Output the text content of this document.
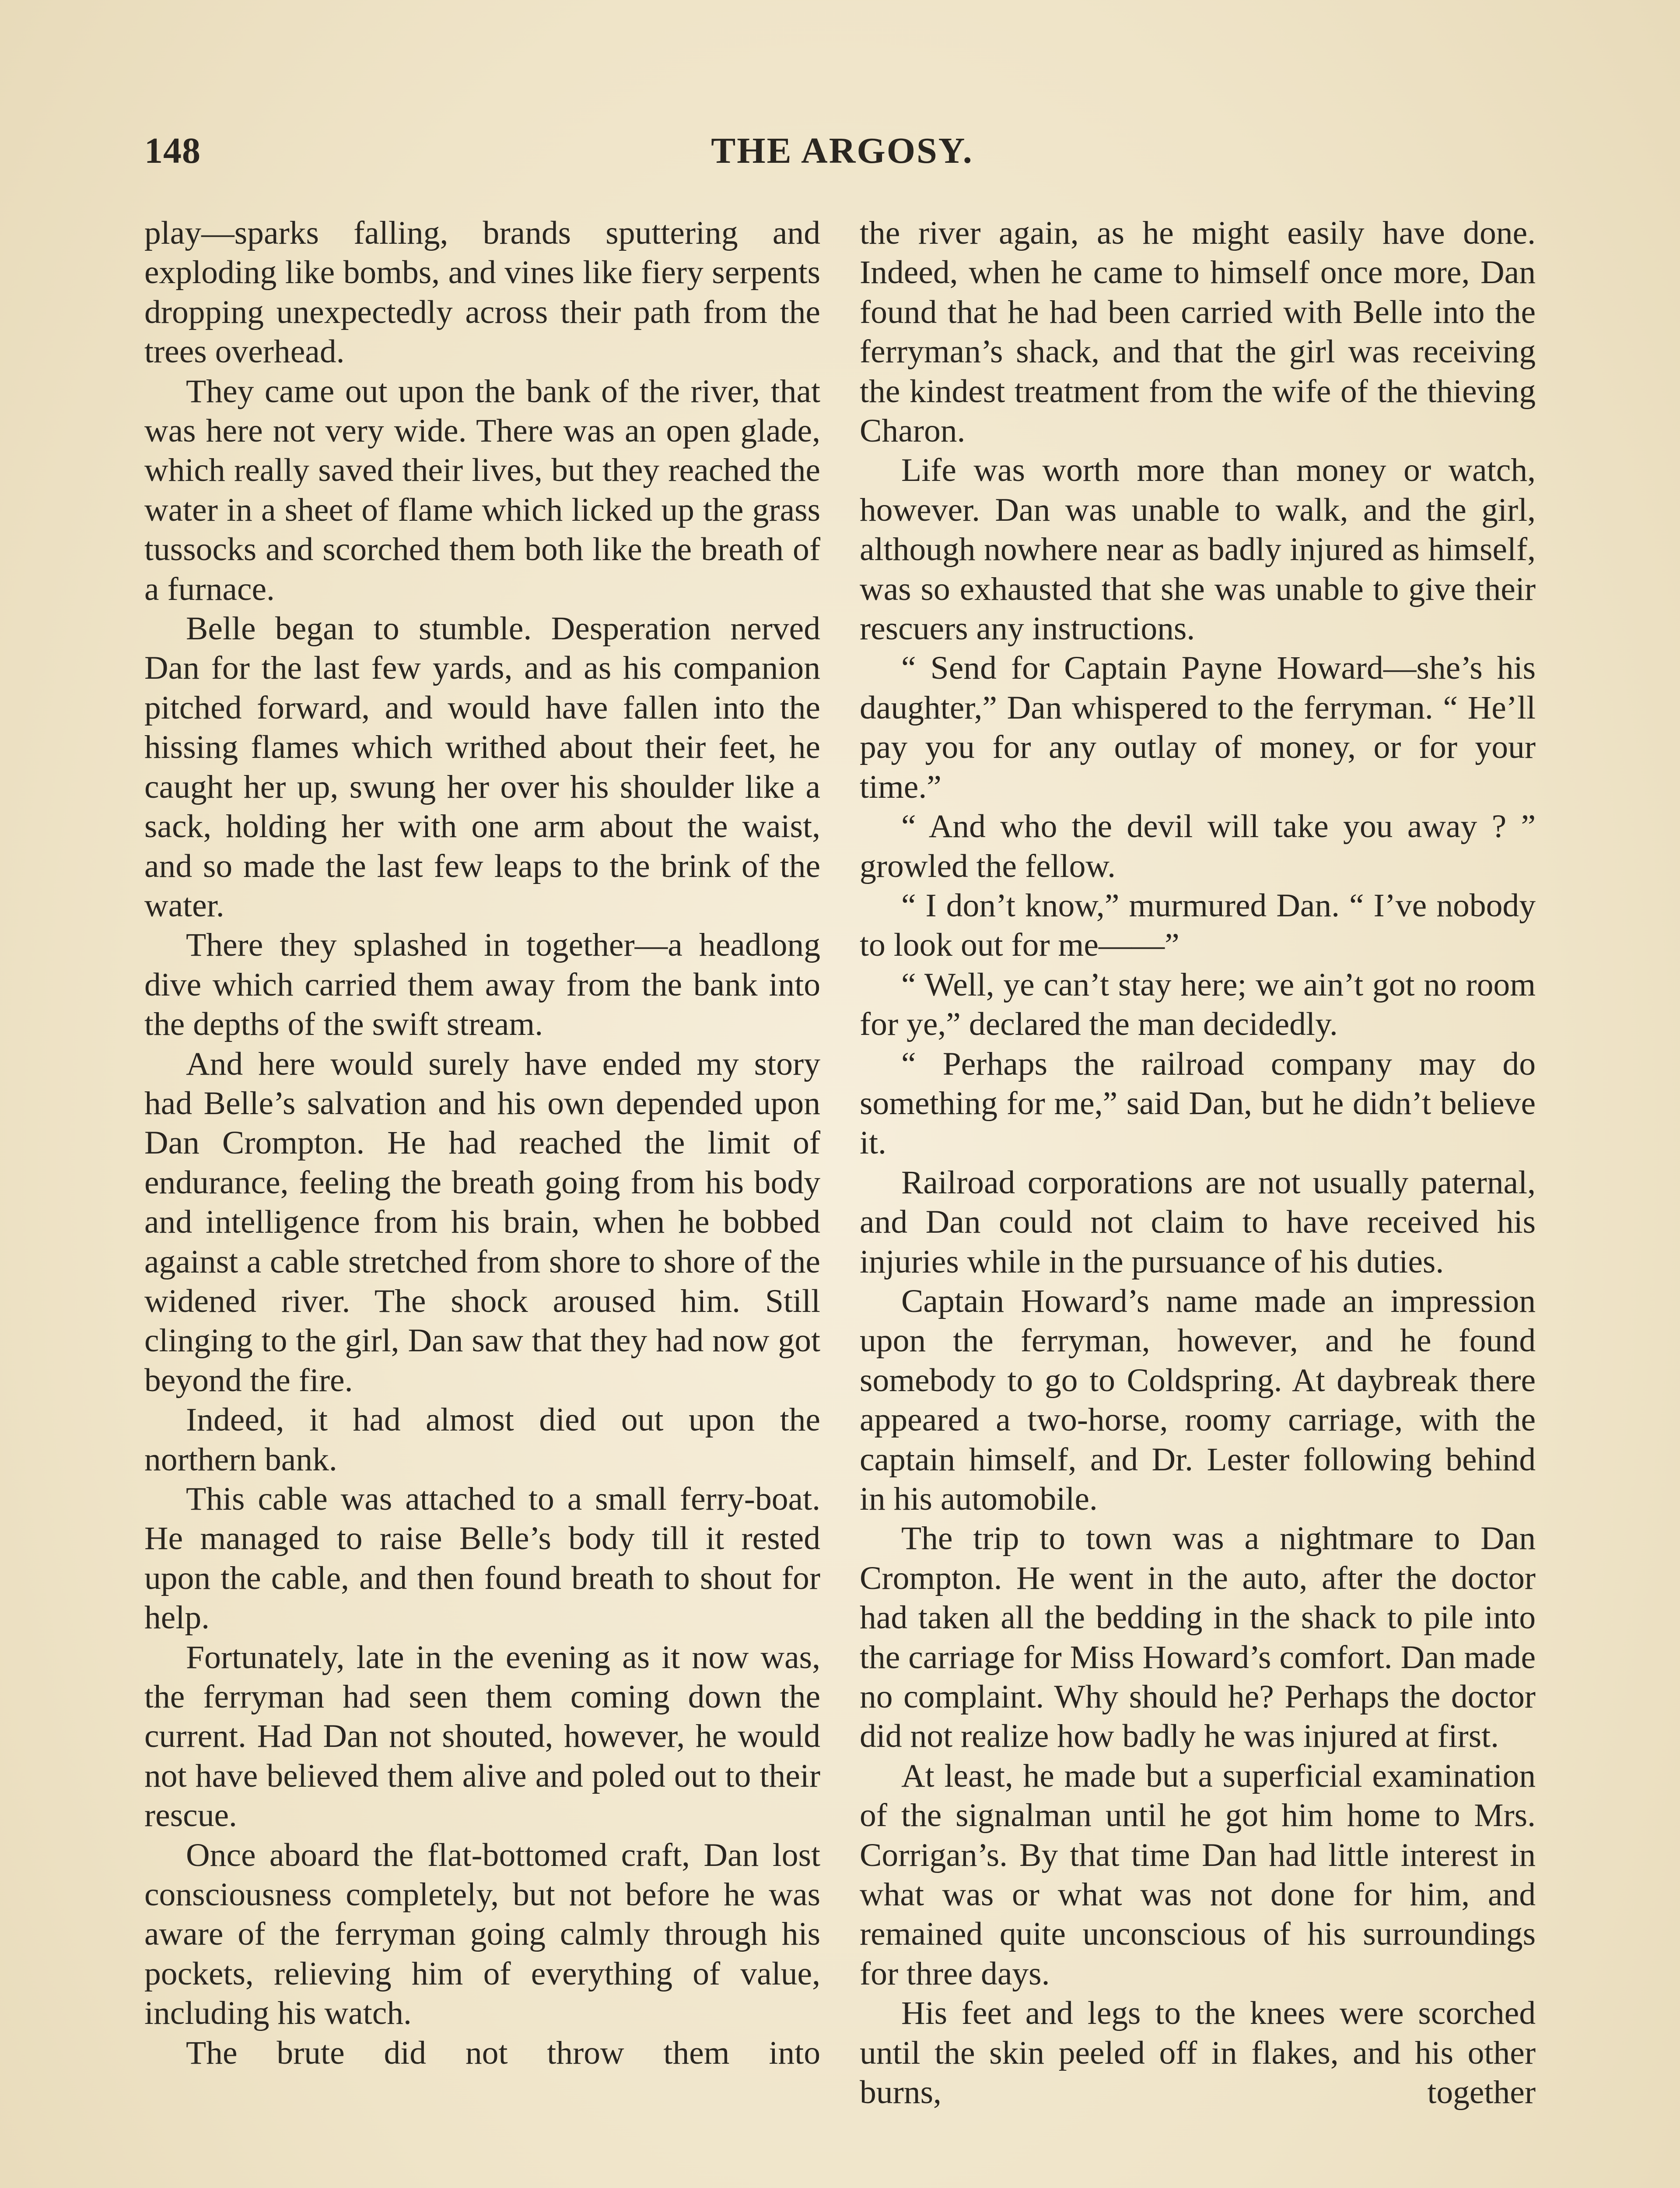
148	THE ARGOSY.

play—sparks falling, brands sputtering and exploding like bombs, and vines like fiery serpents dropping unexpectedly across their path from the trees overhead.

They came out upon the bank of the river, that was here not very wide. There was an open glade, which really saved their lives, but they reached the water in a sheet of flame which licked up the grass tussocks and scorched them both like the breath of a furnace.

Belle began to stumble. Desperation nerved Dan for the last few yards, and as his companion pitched forward, and would have fallen into the hissing flames which writhed about their feet, he caught her up, swung her over his shoulder like a sack, holding her with one arm about the waist, and so made the last few leaps to the brink of the water.

There they splashed in together—a headlong dive which carried them away from the bank into the depths of the swift stream.

And here would surely have ended my story had Belle’s salvation and his own depended upon Dan Crompton. He had reached the limit of endurance, feeling the breath going from his body and intelligence from his brain, when he bobbed against a cable stretched from shore to shore of the widened river. The shock aroused him. Still clinging to the girl, Dan saw that they had now got beyond the fire.

Indeed, it had almost died out upon the northern bank.

This cable was attached to a small ferry-boat. He managed to raise Belle’s body till it rested upon the cable, and then found breath to shout for help.

Fortunately, late in the evening as it now was, the ferryman had seen them coming down the current. Had Dan not shouted, however, he would not have believed them alive and poled out to their rescue.

Once aboard the flat-bottomed craft, Dan lost consciousness completely, but not before he was aware of the ferryman going calmly through his pockets, relieving him of everything of value, including his watch.

The brute did not throw them into

the river again, as he might easily have done. Indeed, when he came to himself once more, Dan found that he had been carried with Belle into the ferryman’s shack, and that the girl was receiving the kindest treatment from the wife of the thieving Charon.

Life was worth more than money or watch, however. Dan was unable to walk, and the girl, although nowhere near as badly injured as himself, was so exhausted that she was unable to give their rescuers any instructions.

“ Send for Captain Payne Howard—she’s his daughter,” Dan whispered to the ferryman. “ He’ll pay you for any outlay of money, or for your time.”

“ And who the devil will take you away ? ” growled the fellow.

“ I don’t know,” murmured Dan. “ I’ve nobody to look out for me——”

“ Well, ye can’t stay here; we ain’t got no room for ye,” declared the man decidedly.

“ Perhaps the railroad company may do something for me,” said Dan, but he didn’t believe it.

Railroad corporations are not usually paternal, and Dan could not claim to have received his injuries while in the pursuance of his duties.

Captain Howard’s name made an impression upon the ferryman, however, and he found somebody to go to Coldspring. At daybreak there appeared a two-horse, roomy carriage, with the captain himself, and Dr. Lester following behind in his automobile.

The trip to town was a nightmare to Dan Crompton. He went in the auto, after the doctor had taken all the bedding in the shack to pile into the carriage for Miss Howard’s comfort. Dan made no complaint. Why should he? Perhaps the doctor did not realize how badly he was injured at first.

At least, he made but a superficial examination of the signalman until he got him home to Mrs. Corrigan’s. By that time Dan had little interest in what was or what was not done for him, and remained quite unconscious of his surroundings for three days.

His feet and legs to the knees were scorched until the skin peeled off in flakes, and his other burns, together
